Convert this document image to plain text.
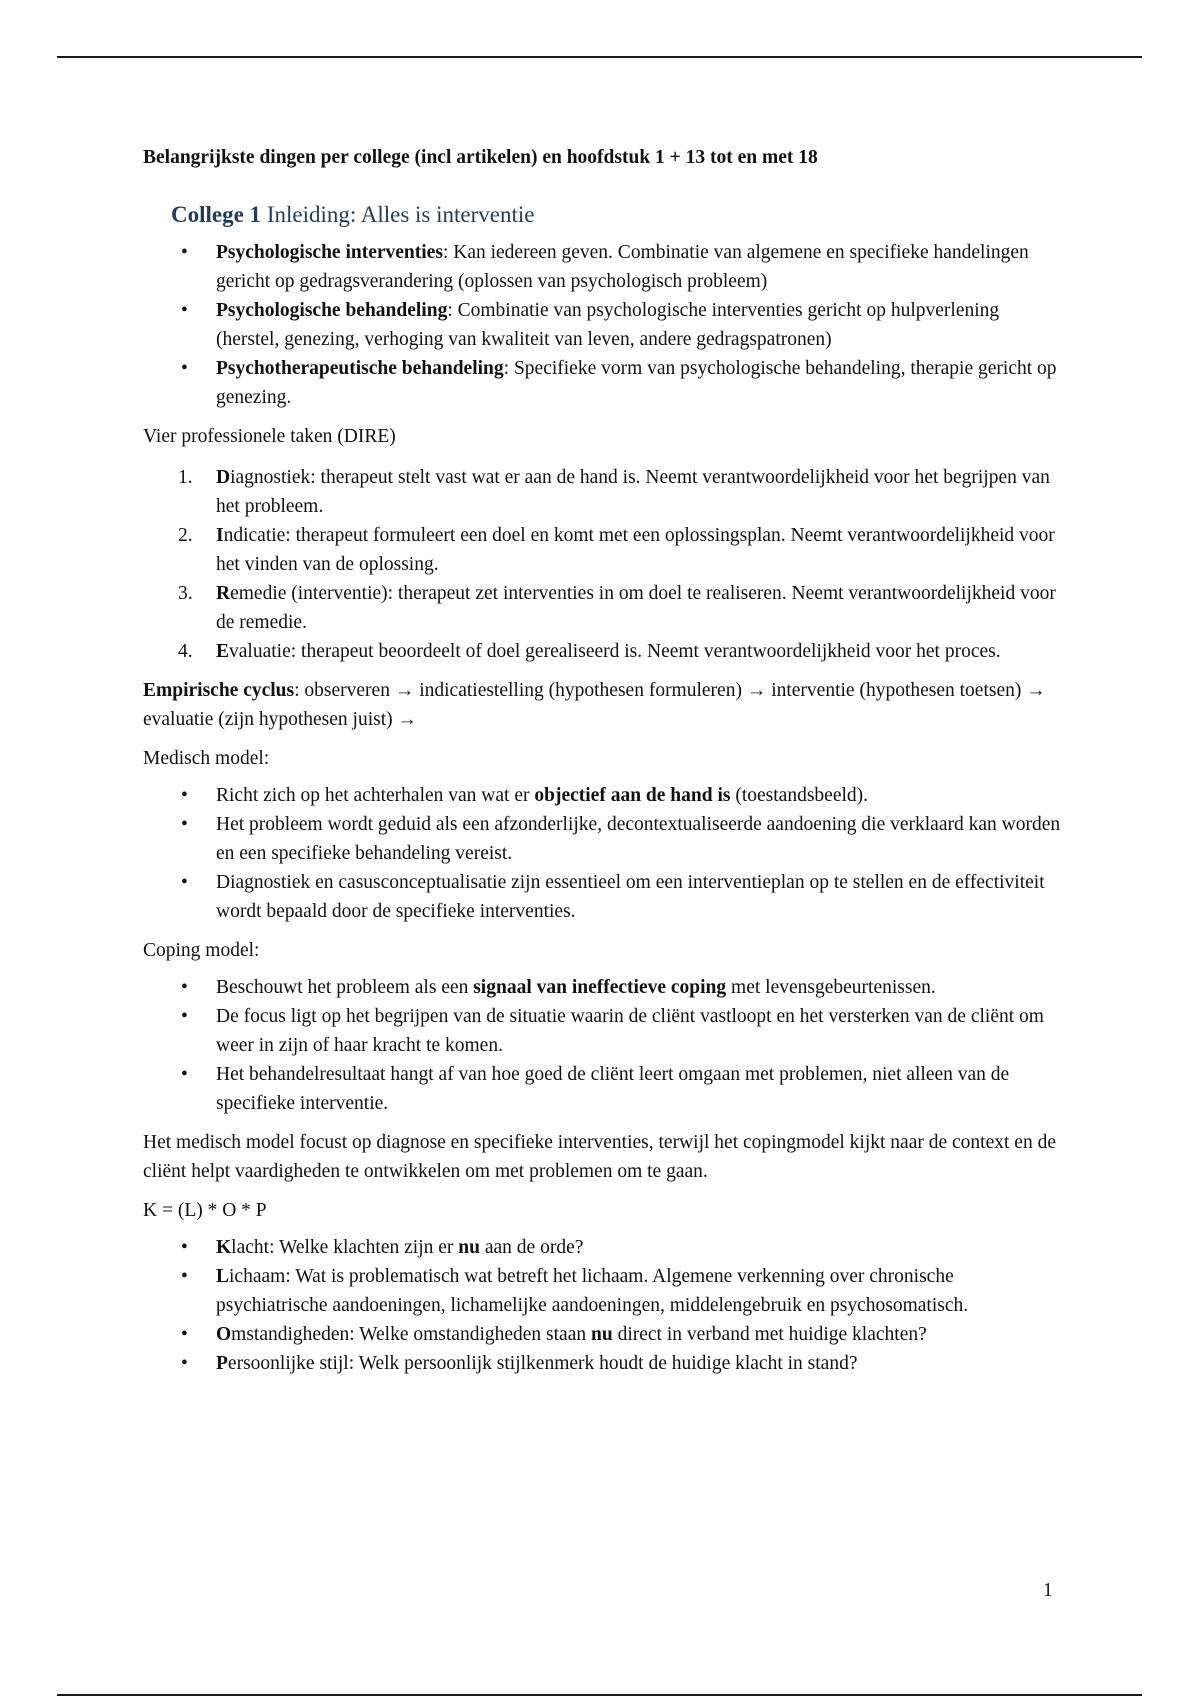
Belangrijkste dingen per college (incl artikelen) en hoofdstuk 1 + 13 tot en met 18
College 1 Inleiding: Alles is interventie
• Psychologische interventies: Kan iedereen geven. Combinatie van algemene en specifieke handelingen gericht op gedragsverandering (oplossen van psychologisch probleem)
• Psychologische behandeling: Combinatie van psychologische interventies gericht op hulpverlening (herstel, genezing, verhoging van kwaliteit van leven, andere gedragspatronen)
• Psychotherapeutische behandeling: Specifieke vorm van psychologische behandeling, therapie gericht op genezing.

Vier professionele taken (DIRE)

1. Diagnostiek: therapeut stelt vast wat er aan de hand is. Neemt verantwoordelijkheid voor het begrijpen van het probleem.
2. Indicatie: therapeut formuleert een doel en komt met een oplossingsplan. Neemt verantwoordelijkheid voor het vinden van de oplossing.
3. Remedie (interventie): therapeut zet interventies in om doel te realiseren. Neemt verantwoordelijkheid voor de remedie.
4. Evaluatie: therapeut beoordeelt of doel gerealiseerd is. Neemt verantwoordelijkheid voor het proces.

Empirische cyclus: observeren → indicatiestelling (hypothesen formuleren) → interventie (hypothesen toetsen) → evaluatie (zijn hypothesen juist) →

Medisch model:

• Richt zich op het achterhalen van wat er objectief aan de hand is (toestandsbeeld).
• Het probleem wordt geduid als een afzonderlijke, decontextualiseerde aandoening die verklaard kan worden en een specifieke behandeling vereist.
• Diagnostiek en casusconceptualisatie zijn essentieel om een interventieplan op te stellen en de effectiviteit wordt bepaald door de specifieke interventies.

Coping model:

• Beschouwt het probleem als een signaal van ineffectieve coping met levensgebeurtenissen.
• De focus ligt op het begrijpen van de situatie waarin de cliënt vastloopt en het versterken van de cliënt om weer in zijn of haar kracht te komen.
• Het behandelresultaat hangt af van hoe goed de cliënt leert omgaan met problemen, niet alleen van de specifieke interventie.

Het medisch model focust op diagnose en specifieke interventies, terwijl het copingmodel kijkt naar de context en de cliënt helpt vaardigheden te ontwikkelen om met problemen om te gaan.

K = (L) * O * P

• Klacht: Welke klachten zijn er nu aan de orde?
• Lichaam: Wat is problematisch wat betreft het lichaam. Algemene verkenning over chronische psychiatrische aandoeningen, lichamelijke aandoeningen, middelengebruik en psychosomatisch.
• Omstandigheden: Welke omstandigheden staan nu direct in verband met huidige klachten?
• Persoonlijke stijl: Welk persoonlijk stijlkenmerk houdt de huidige klacht in stand?
1
